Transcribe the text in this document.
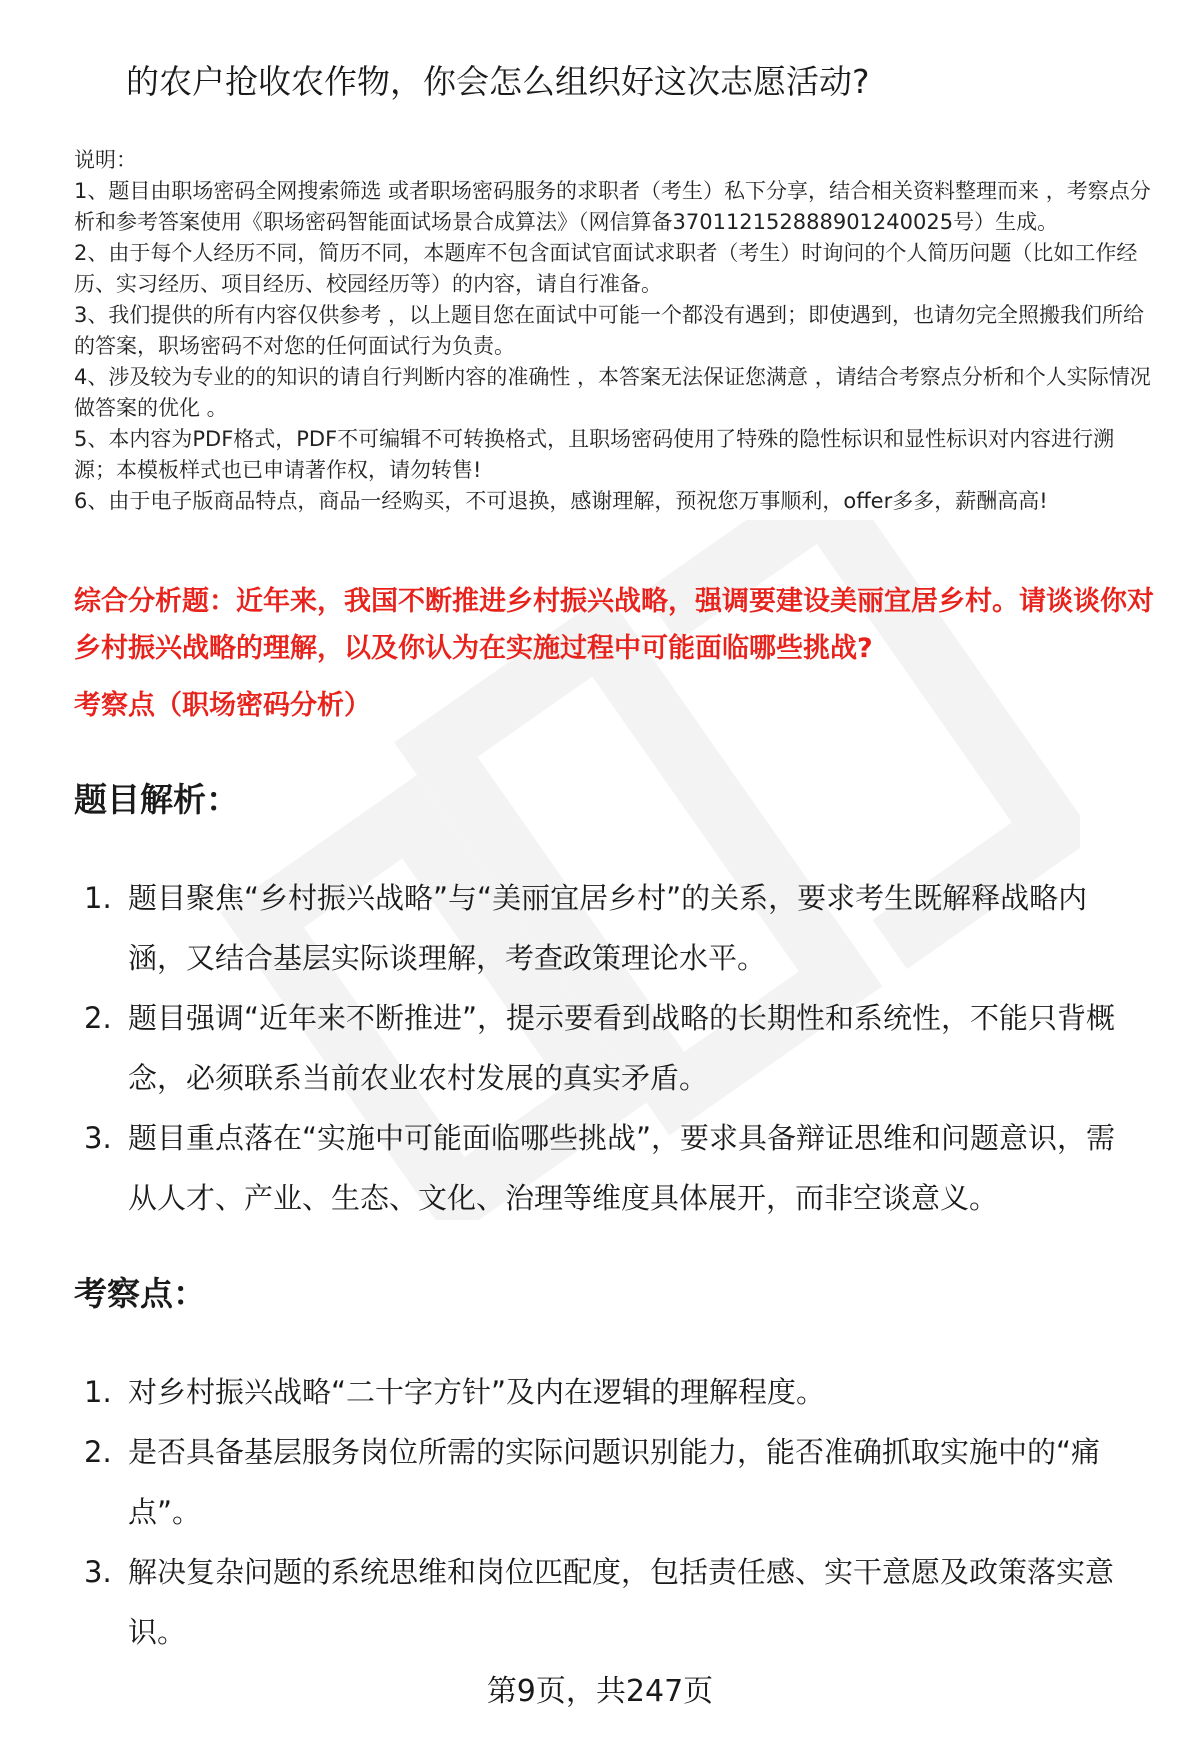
的农户抢收农作物，你会怎么组织好这次志愿活动?

说明：

1、题目由职场密码全网搜索筛选 或者职场密码服务的求职者（考生）私下分享，结合相关资料整理而来 ，考察点分析和参考答案使用《职场密码智能面试场景合成算法》（网信算备370112152888901240025号）生成。

2、由于每个人经历不同，简历不同，本题库不包含面试官面试求职者（考生）时询问的个人简历问题（比如工作经历、实习经历、项目经历、校园经历等）的内容，请自行准备。

3、我们提供的所有内容仅供参考 ，以上题目您在面试中可能一个都没有遇到；即使遇到，也请勿完全照搬我们所给的答案，职场密码不对您的任何面试行为负责。

4、涉及较为专业的的知识的请自行判断内容的准确性 ，本答案无法保证您满意 ，请结合考察点分析和个人实际情况做答案的优化 。

5、本内容为PDF格式，PDF不可编辑不可转换格式，且职场密码使用了特殊的隐性标识和显性标识对内容进行溯源；本模板样式也已申请著作权，请勿转售!

6、由于电子版商品特点，商品一经购买，不可退换，感谢理解，预祝您万事顺利，offer多多，薪酬高高!

综合分析题：近年来，我国不断推进乡村振兴战略，强调要建设美丽宜居乡村。请谈谈你对乡村振兴战略的理解，以及你认为在实施过程中可能面临哪些挑战?

考察点（职场密码分析）

题目解析：
1. 题目聚焦“乡村振兴战略”与“美丽宜居乡村”的关系，要求考生既解释战略内涵，又结合基层实际谈理解，考查政策理论水平。
2. 题目强调“近年来不断推进”，提示要看到战略的长期性和系统性，不能只背概念，必须联系当前农业农村发展的真实矛盾。
3. 题目重点落在“实施中可能面临哪些挑战”，要求具备辩证思维和问题意识，需从人才、产业、生态、文化、治理等维度具体展开，而非空谈意义。
考察点：
1. 对乡村振兴战略“二十字方针”及内在逻辑的理解程度。
2. 是否具备基层服务岗位所需的实际问题识别能力，能否准确抓取实施中的“痛点”。
3. 解决复杂问题的系统思维和岗位匹配度，包括责任感、实干意愿及政策落实意识。
第9页，共247页
